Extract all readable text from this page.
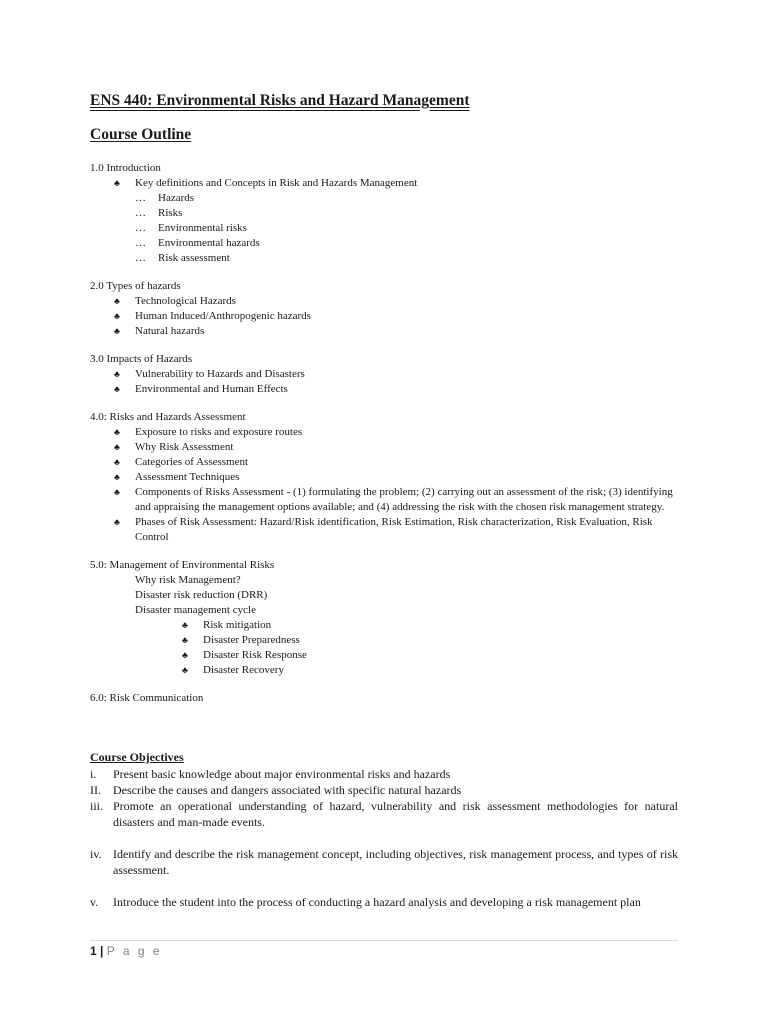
ENS 440: Environmental Risks and Hazard Management
Course Outline

1.0 Introduction

♣ Key definitions and Concepts in Risk and Hazards Management
… Hazards
… Risks
… Environmental risks
… Environmental hazards
… Risk assessment

2.0 Types of hazards

♣ Technological Hazards
♣ Human Induced/Anthropogenic hazards
♣ Natural hazards

3.0 Impacts of Hazards

♣ Vulnerability to Hazards and Disasters
♣ Environmental and Human Effects

4.0: Risks and Hazards Assessment

♣ Exposure to risks and exposure routes
♣ Why Risk Assessment
♣ Categories of Assessment
♣ Assessment Techniques
♣ Components of Risks Assessment - (1) formulating the problem; (2) carrying out an assessment of the risk; (3) identifying and appraising the management options available; and (4) addressing the risk with the chosen risk management strategy.
♣ Phases of Risk Assessment: Hazard/Risk identification, Risk Estimation, Risk characterization, Risk Evaluation, Risk Control

5.0: Management of Environmental Risks

Why risk Management?
Disaster risk reduction (DRR)
Disaster management cycle
♣ Risk mitigation
♣ Disaster Preparedness
♣ Disaster Risk Response
♣ Disaster Recovery

6.0: Risk Communication

Course Objectives

i. Present basic knowledge about major environmental risks and hazards
II. Describe the causes and dangers associated with specific natural hazards
iii. Promote an operational understanding of hazard, vulnerability and risk assessment methodologies for natural disasters and man-made events.
iv. Identify and describe the risk management concept, including objectives, risk management process, and types of risk assessment.
v. Introduce the student into the process of conducting a hazard analysis and developing a risk management plan
1 | P a g e
